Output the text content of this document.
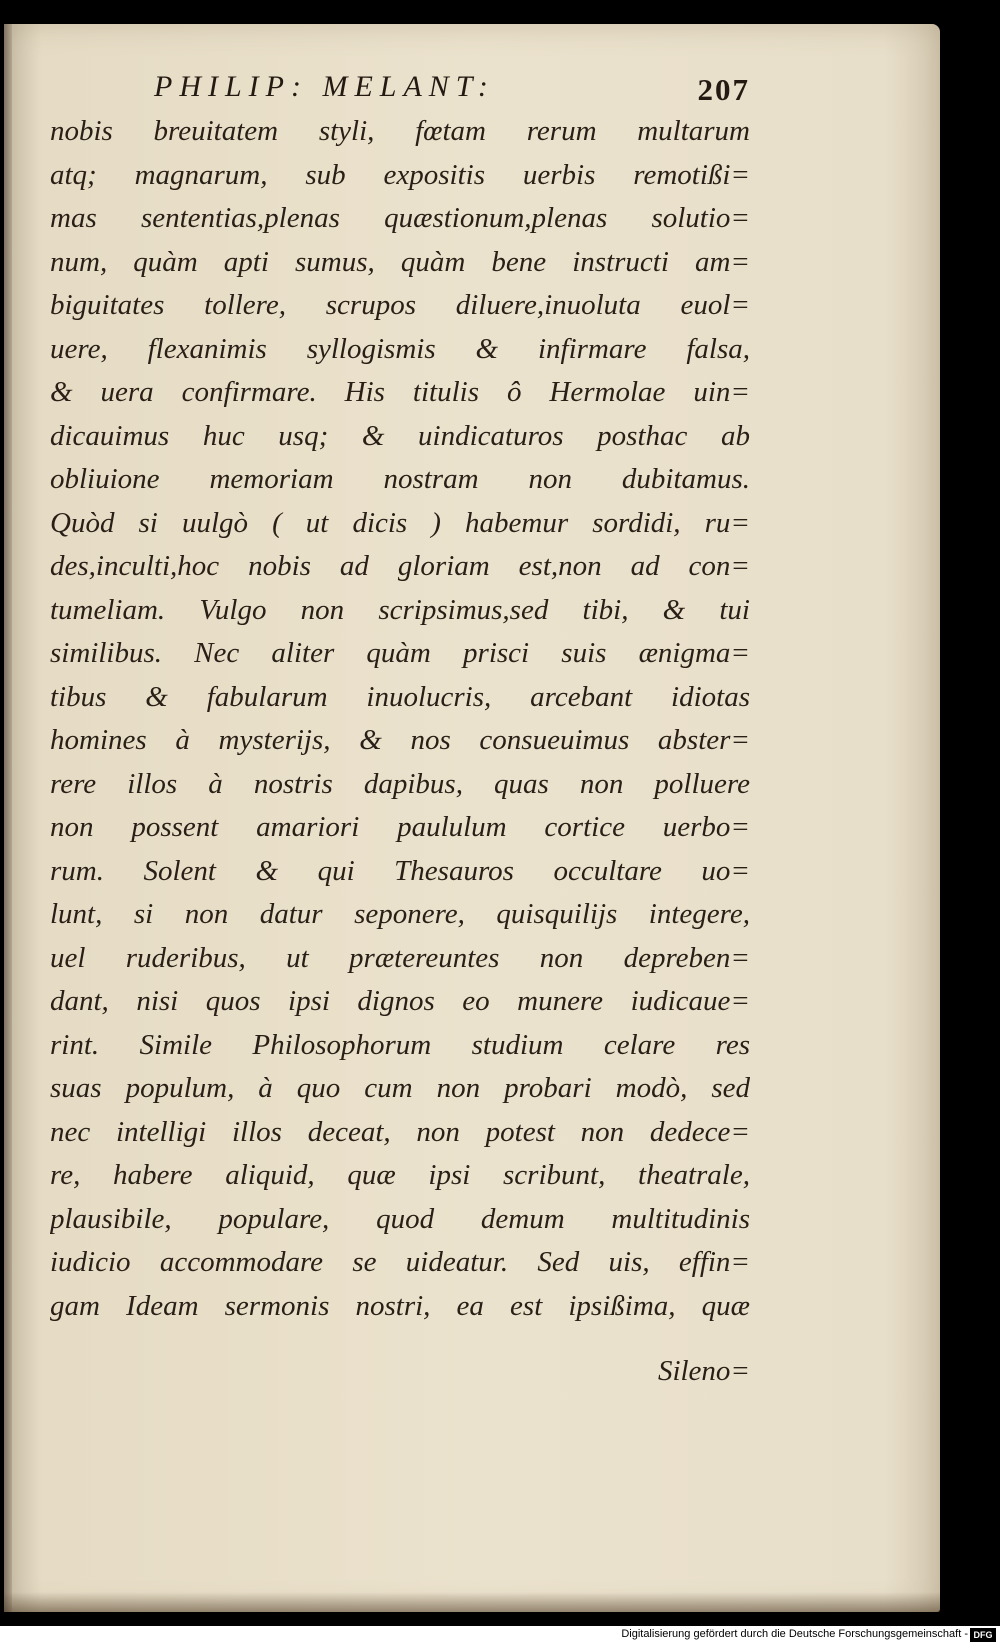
PHILIP: MELANT:	207
nobis breuitatem styli, fœtam rerum multarum
atq; magnarum, sub expositis uerbis remotißi=
mas sententias,plenas quæstionum,plenas solutio=
num, quàm apti sumus, quàm bene instructi am=
biguitates tollere, scrupos diluere,inuoluta euol=
uere, flexanimis syllogismis & infirmare falsa,
& uera confirmare. His titulis ô Hermolae uin=
dicauimus huc usq; & uindicaturos posthac ab
obliuione memoriam nostram non dubitamus.
Quòd si uulgò ( ut dicis ) habemur sordidi, ru=
des,inculti,hoc nobis ad gloriam est,non ad con=
tumeliam. Vulgo non scripsimus,sed tibi, & tui
similibus. Nec aliter quàm prisci suis ænigma=
tibus & fabularum inuolucris, arcebant idiotas
homines à mysterijs, & nos consueuimus abster=
rere illos à nostris dapibus, quas non polluere
non possent amariori paululum cortice uerbo=
rum. Solent & qui Thesauros occultare uo=
lunt, si non datur seponere, quisquilijs integere,
uel ruderibus, ut prætereuntes non depreben=
dant, nisi quos ipsi dignos eo munere iudicaue=
rint. Simile Philosophorum studium celare res
suas populum, à quo cum non probari modò, sed
nec intelligi illos deceat, non potest non dedece=
re, habere aliquid, quæ ipsi scribunt, theatrale,
plausibile, populare, quod demum multitudinis
iudicio accommodare se uideatur. Sed uis, effin=
gam Ideam sermonis nostri, ea est ipsißima, quæ
Sileno=
Digitalisierung gefördert durch die Deutsche Forschungsgemeinschaft - DFG
